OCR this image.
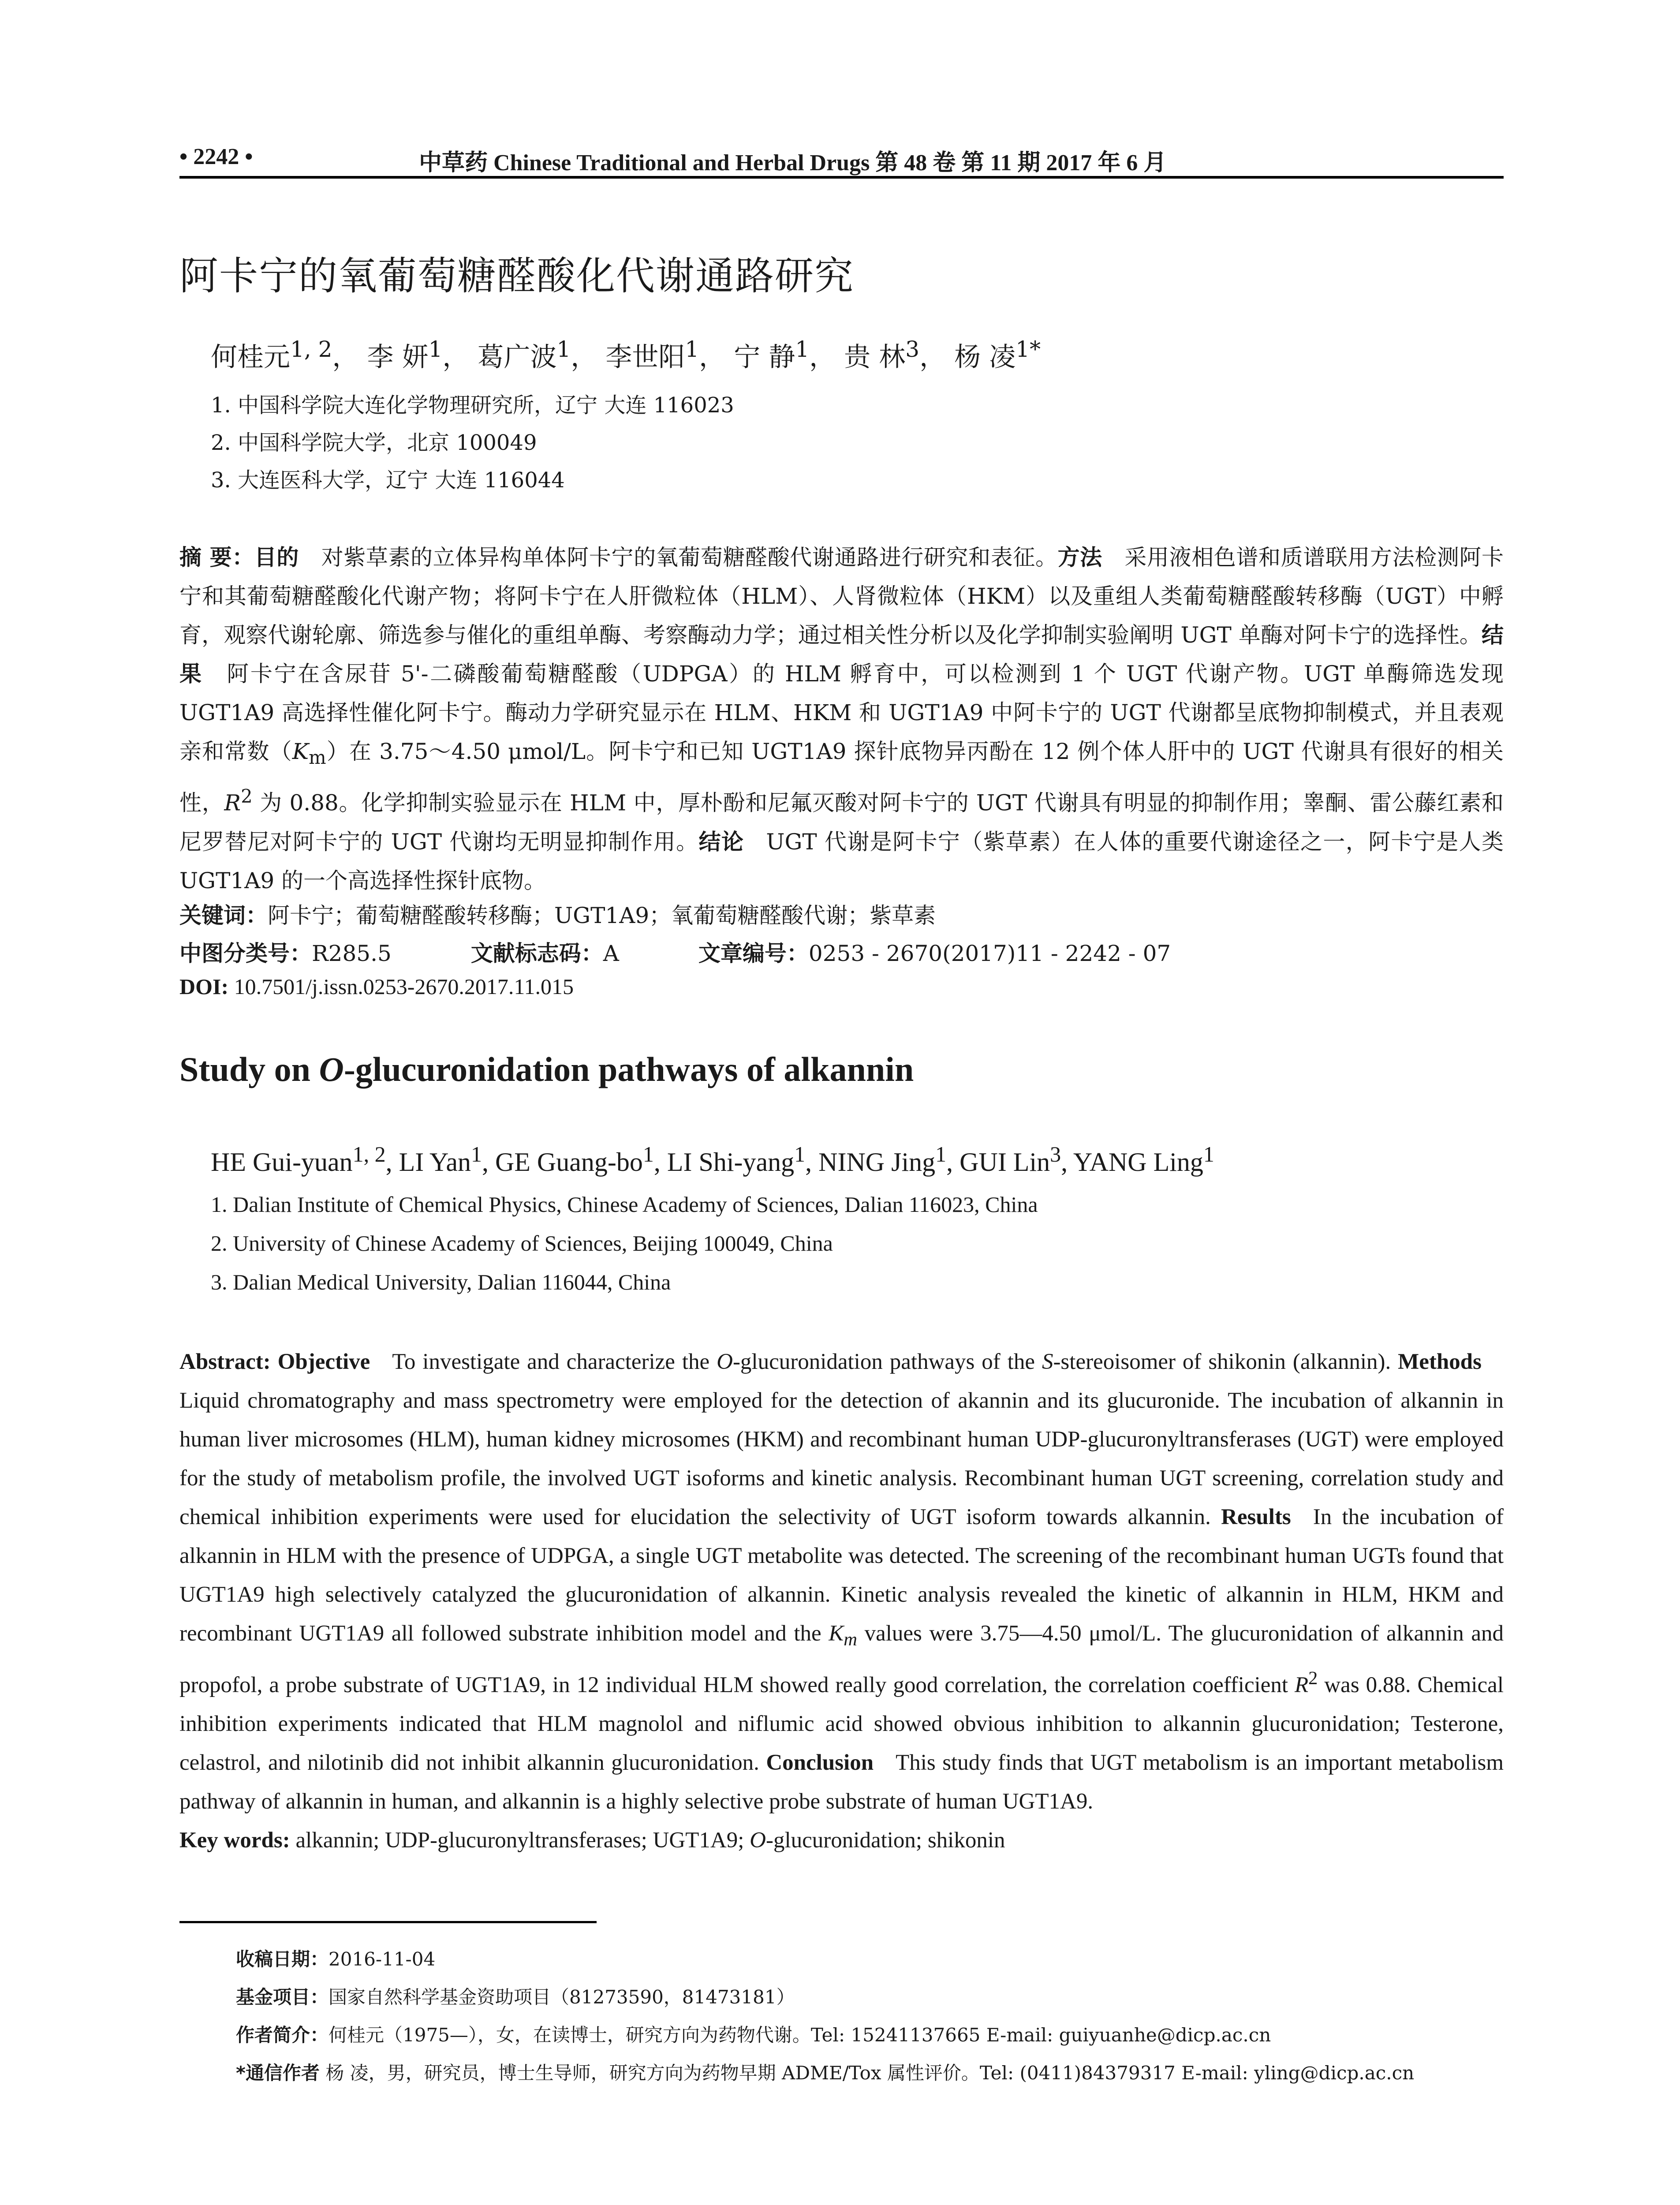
• 2242 •	中草药 Chinese Traditional and Herbal Drugs 第 48 卷 第 11 期 2017 年 6 月
阿卡宁的氧葡萄糖醛酸化代谢通路研究
何桂元$^{1, 2}$， 李 妍$^1$， 葛广波$^1$， 李世阳$^1$， 宁 静$^1$， 贵 林$^3$， 杨 凌$^{1*}$
1. 中国科学院大连化学物理研究所，辽宁 大连 116023
2. 中国科学院大学，北京 100049
3. 大连医科大学，辽宁 大连 116044
摘 要：目的 对紫草素的立体异构单体阿卡宁的氧葡萄糖醛酸代谢通路进行研究和表征。方法 采用液相色谱和质谱联用方法检测阿卡宁和其葡萄糖醛酸化代谢产物；将阿卡宁在人肝微粒体（HLM）、人肾微粒体（HKM）以及重组人类葡萄糖醛酸转移酶（UGT）中孵育，观察代谢轮廓、筛选参与催化的重组单酶、考察酶动力学；通过相关性分析以及化学抑制实验阐明 UGT 单酶对阿卡宁的选择性。结果 阿卡宁在含尿苷 5'-二磷酸葡萄糖醛酸（UDPGA）的 HLM 孵育中，可以检测到 1 个 UGT 代谢产物。UGT 单酶筛选发现 UGT1A9 高选择性催化阿卡宁。酶动力学研究显示在 HLM、HKM 和 UGT1A9 中阿卡宁的 UGT 代谢都呈底物抑制模式，并且表观亲和常数$(K_m)$在 3.75～4.50 μmol/L。阿卡宁和已知 UGT1A9 探针底物异丙酚在 12 例个体人肝中的 UGT 代谢具有很好的相关性，$R^2$ 为 0.88。化学抑制实验显示在 HLM 中，厚朴酚和尼氟灭酸对阿卡宁的 UGT 代谢具有明显的抑制作用；睾酮、雷公藤红素和尼罗替尼对阿卡宁的 UGT 代谢均无明显抑制作用。结论 UGT 代谢是阿卡宁（紫草素）在人体的重要代谢途径之一，阿卡宁是人类 UGT1A9 的一个高选择性探针底物。
关键词：阿卡宁；葡萄糖醛酸转移酶；UGT1A9；氧葡萄糖醛酸代谢；紫草素
中图分类号：R285.5	文献标志码：A	文章编号：0253 - 2670(2017)11 - 2242 - 07
DOI: 10.7501/j.issn.0253-2670.2017.11.015
Study on O-glucuronidation pathways of alkannin
HE Gui-yuan$^{1, 2}$, LI Yan$^1$, GE Guang-$bo^1$, LI Shi-yang$^1$, NING Jing$^1$, GUI Lin$^3$, YANG Ling$^1$
1. Dalian Institute of Chemical Physics, Chinese Academy of Sciences, Dalian 116023, China
2. University of Chinese Academy of Sciences, Beijing 100049, China
3. Dalian Medical University, Dalian 116044, China
Abstract: Objective To investigate and characterize the O-glucuronidation pathways of the S-stereoisomer of shikonin (alkannin). MethodsLiquid chromatography and mass spectrometry were employed for the detection of akannin and its glucuronide. The incubation of alkannin in human liver microsomes (HLM), human kidney microsomes (HKM) and recombinant human UDP-glucuronyltransferases (UGT) were employed for the study of metabolism profile, the involved UGT isoforms and kinetic analysis. Recombinant human UGT screening, correlation study and chemical inhibition experiments were used for elucidation the selectivity of UGT isoform towards alkannin. Results In the incubation of alkannin in HLM with the presence of UDPGA, a single UGT metabolite was detected. The screening of the recombinant human UGTs found that UGT1A9 high selectively catalyzed the glucuronidation of alkannin. Kinetic analysis revealed the kinetic of alkannin in HLM, HKM and recombinant UGT1A9 all followed substrate inhibition model and the $K_m$ values were 3.75—4.50 μmol/L. The glucuronidation of alkannin and propofol, a probe substrate of UGT1A9, in 12 individual HLM showed really good correlation, the correlation coefficient $R^2$ was 0.88. Chemical inhibition experiments indicated that HLM magnolol and niflumic acid showed obvious inhibition to alkannin glucuronidation; Testerone, celastrol, and nilotinib did not inhibit alkannin glucuronidation. Conclusion This study finds that UGT metabolism is an important metabolism pathway of alkannin in human, and alkannin is a highly selective probe substrate of human UGT1A9.
Key words: alkannin; UDP-glucuronyltransferases; UGT1A9; O-glucuronidation; shikonin
收稿日期：2016-11-04
基金项目：国家自然科学基金资助项目（81273590，81473181）
作者简介：何桂元（1975—），女，在读博士，研究方向为药物代谢。Tel: 15241137665 E-mail: guiyuanhe@dicp.ac.cn
*通信作者 杨 凌，男，研究员，博士生导师，研究方向为药物早期 ADME/Tox 属性评价。Tel: (0411)84379317 E-mail: yling@dicp.ac.cn
